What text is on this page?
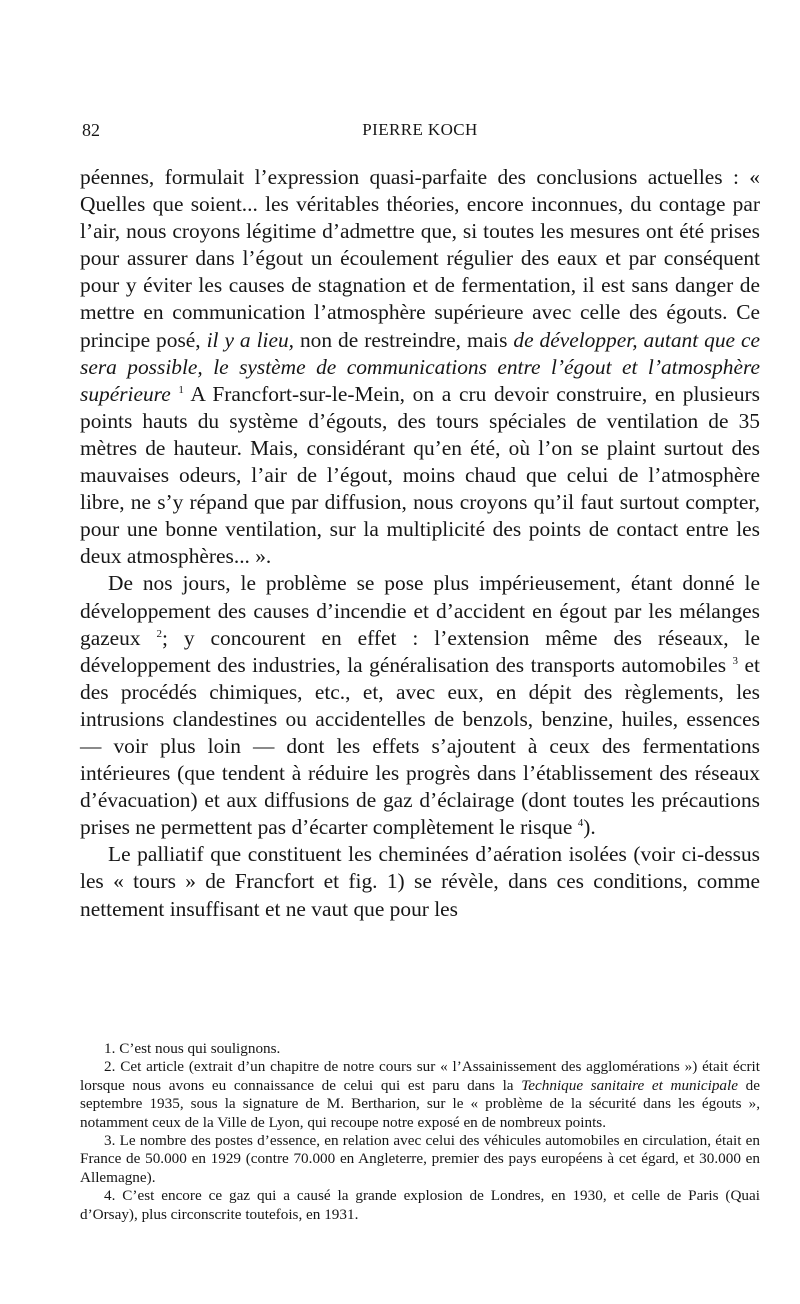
82	PIERRE KOCH

péennes, formulait l’expression quasi-parfaite des conclusions actuelles : « Quelles que soient... les véritables théories, encore inconnues, du contage par l’air, nous croyons légitime d’admettre que, si toutes les mesures ont été prises pour assurer dans l’égout un écoulement régulier des eaux et par conséquent pour y éviter les causes de stagnation et de fermentation, il est sans danger de mettre en communication l’atmosphère supérieure avec celle des égouts. Ce principe posé, il y a lieu, non de restreindre, mais de développer, autant que ce sera possible, le système de communications entre l’égout et l’atmosphère supérieure $^1$ A Francfort-sur-le-Mein, on a cru devoir construire, en plusieurs points hauts du système d’égouts, des tours spéciales de ventilation de 35 mètres de hauteur. Mais, considérant qu’en été, où l’on se plaint surtout des mauvaises odeurs, l’air de l’égout, moins chaud que celui de l’atmosphère libre, ne s’y répand que par diffusion, nous croyons qu’il faut surtout compter, pour une bonne ventilation, sur la multiplicité des points de contact entre les deux atmosphères... ».

De nos jours, le problème se pose plus impérieusement, étant donné le développement des causes d’incendie et d’accident en égout par les mélanges gazeux $^2$; y concourent en effet : l’extension même des réseaux, le développement des industries, la généralisation des transports automobiles $^3$ et des procédés chimiques, etc., et, avec eux, en dépit des règlements, les intrusions clandestines ou accidentelles de benzols, benzine, huiles, essences — voir plus loin — dont les effets s’ajoutent à ceux des fermentations intérieures (que tendent à réduire les progrès dans l’établissement des réseaux d’évacuation) et aux diffusions de gaz d’éclairage (dont toutes les précautions prises ne permettent pas d’écarter complètement le risque $^4$).

Le palliatif que constituent les cheminées d’aération isolées (voir ci-dessus les « tours » de Francfort et fig. 1) se révèle, dans ces conditions, comme nettement insuffisant et ne vaut que pour les

1. C’est nous qui soulignons.

2. Cet article (extrait d’un chapitre de notre cours sur « l’Assainissement des agglomérations ») était écrit lorsque nous avons eu connaissance de celui qui est paru dans la Technique sanitaire et municipale de septembre 1935, sous la signature de M. Bertharion, sur le « problème de la sécurité dans les égouts », notamment ceux de la Ville de Lyon, qui recoupe notre exposé en de nombreux points.

3. Le nombre des postes d’essence, en relation avec celui des véhicules automobiles en circulation, était en France de 50.000 en 1929 (contre 70.000 en Angleterre, premier des pays européens à cet égard, et 30.000 en Allemagne).

4. C’est encore ce gaz qui a causé la grande explosion de Londres, en 1930, et celle de Paris (Quai d’Orsay), plus circonscrite toutefois, en 1931.
